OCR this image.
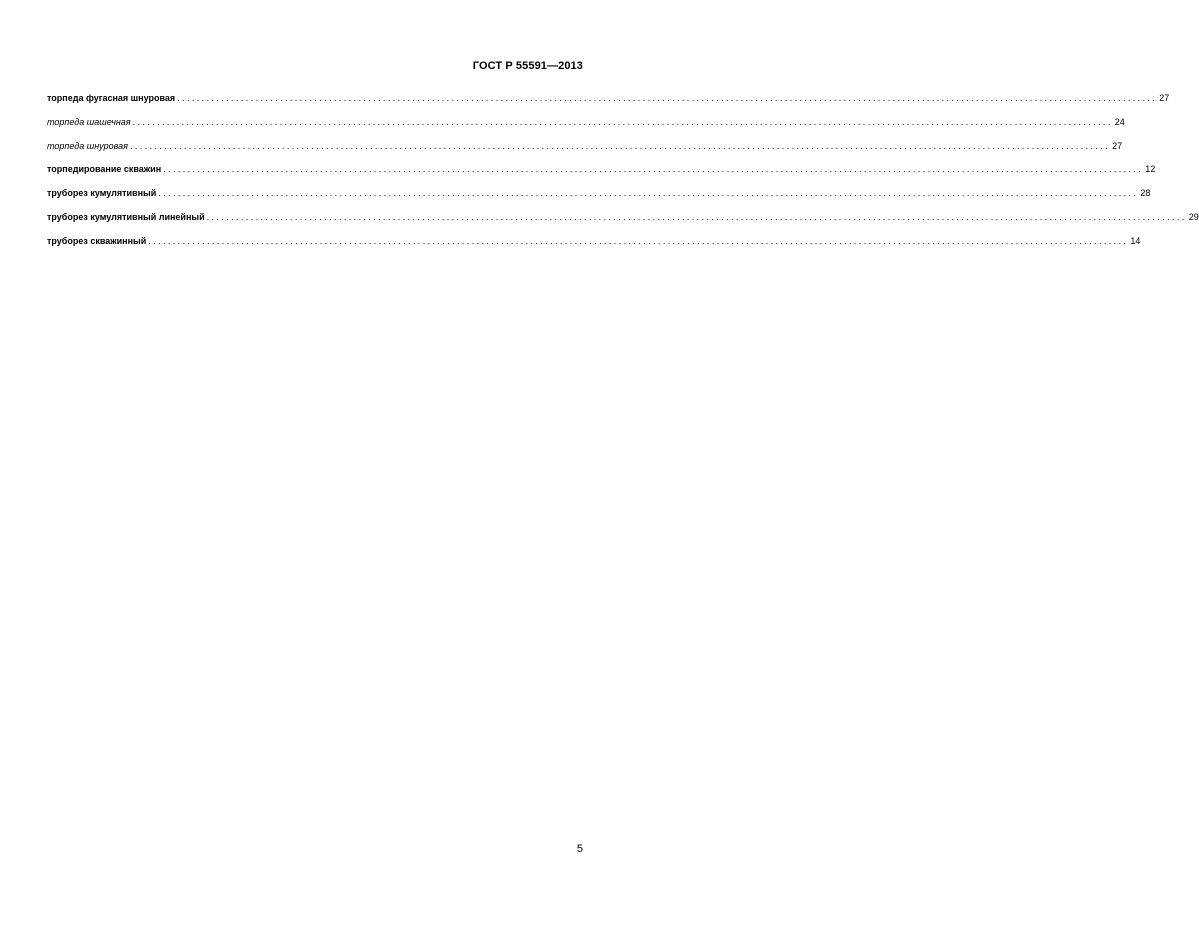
ГОСТ Р 55591—2013
торпеда фугасная шнуровая ........................................................................................................................................................................................................ 27
торпеда шашечная ........................................................................................................................................................................................................ 24
торпеда шнуровая ........................................................................................................................................................................................................ 27
торпедирование скважин ........................................................................................................................................................................................................ 12
труборез кумулятивный ........................................................................................................................................................................................................ 28
труборез кумулятивный линейный ........................................................................................................................................................................................................ 29
труборез скважинный ........................................................................................................................................................................................................ 14
5
